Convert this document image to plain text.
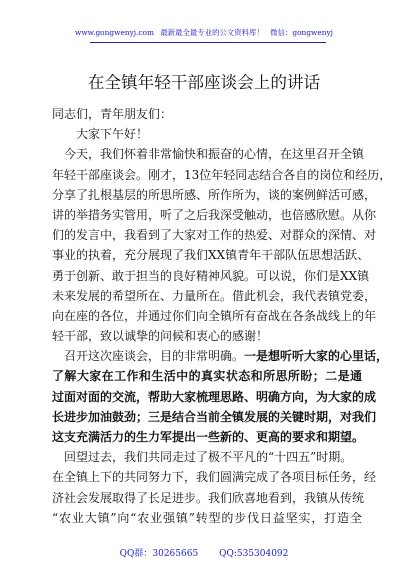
www.gongwenyj.com 最新最全最专业的公文资料库！ 微信：gongwenyj
在全镇年轻干部座谈会上的讲话
同志们，青年朋友们：
大家下午好！
今天，我们怀着非常愉快和振奋的心情，在这里召开全镇
年轻干部座谈会。刚才，13位年轻同志结合各自的岗位和经历，
分享了扎根基层的所思所感、所作所为，谈的案例鲜活可感，
讲的举措务实管用，听了之后我深受触动，也倍感欣慰。从你
们的发言中，我看到了大家对工作的热爱、对群众的深情、对
事业的执着，充分展现了我们XX镇青年干部队伍思想活跃、
勇于创新、敢于担当的良好精神风貌。可以说，你们是XX镇
未来发展的希望所在、力量所在。借此机会，我代表镇党委，
向在座的各位，并通过你们向全镇所有奋战在各条战线上的年
轻干部，致以诚挚的问候和衷心的感谢！
召开这次座谈会，目的非常明确。一是想听听大家的心里话，
了解大家在工作和生活中的真实状态和所思所盼；二是通
过面对面的交流，帮助大家梳理思路、明确方向，为大家的成
长进步加油鼓劲；三是结合当前全镇发展的关键时期，对我们
这支充满活力的生力军提出一些新的、更高的要求和期望。
回望过去，我们共同走过了极不平凡的“十四五”时期。
在全镇上下的共同努力下，我们圆满完成了各项目标任务，经
济社会发展取得了长足进步。我们欣喜地看到，我镇从传统
“农业大镇”向“农业强镇”转型的步伐日益坚实，打造全
QQ群：30265665 QQ:535304092
